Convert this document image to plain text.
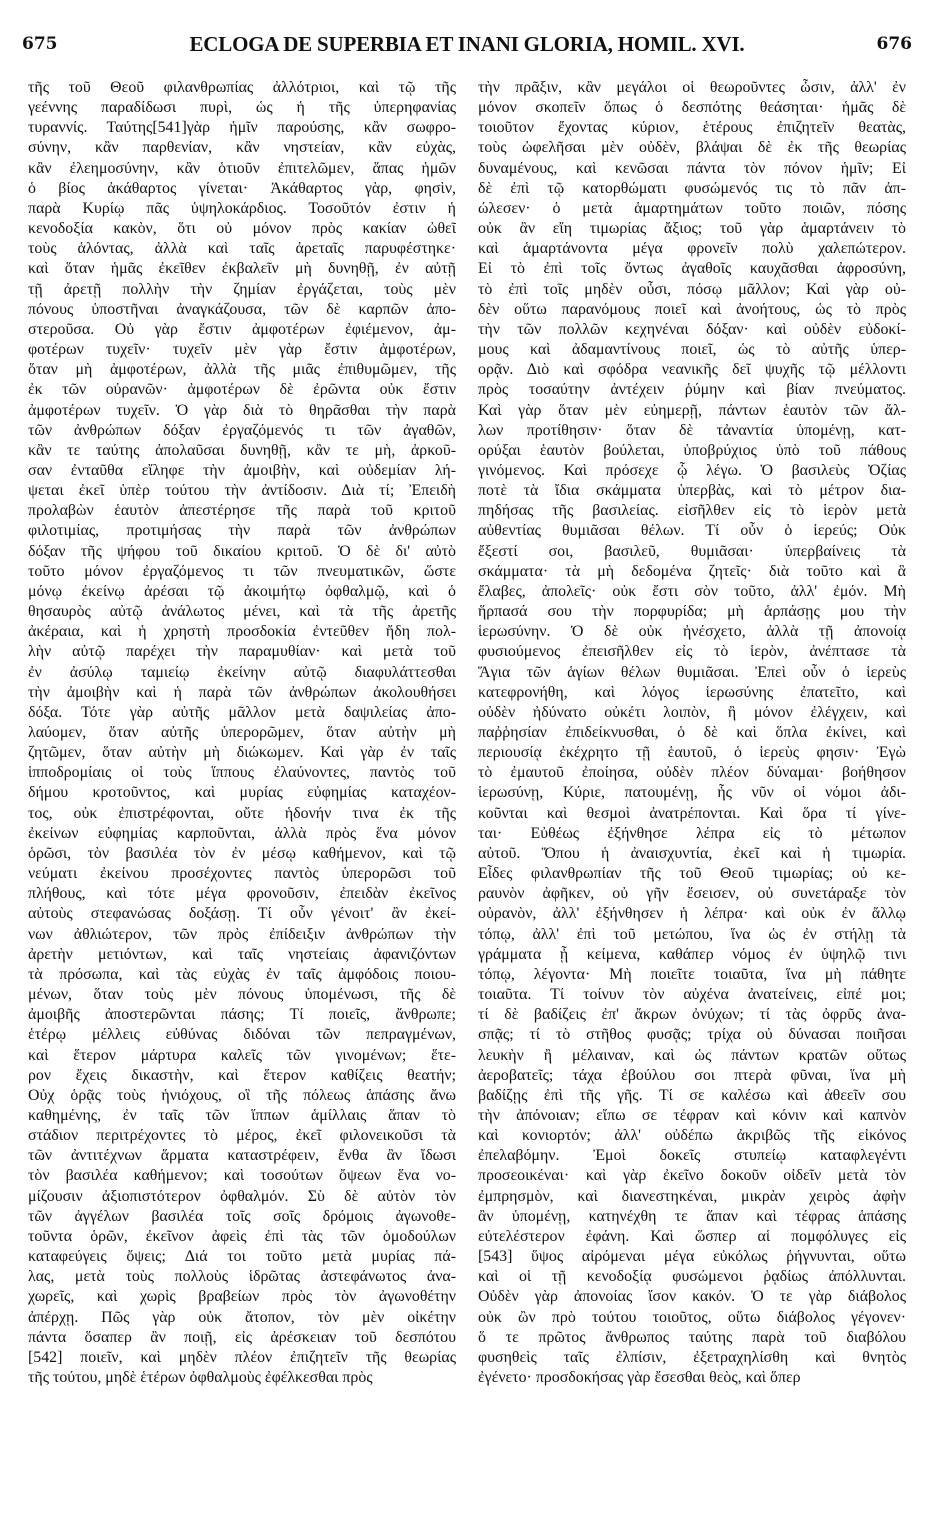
675	ECLOGA DE SUPERBIA ET INANI GLORIA, HOMIL. XVI.	676
τῆς τοῦ Θεοῦ φιλανθρωπίας ἀλλότριοι, καὶ τῷ τῆς
γεέννης παραδίδωσι πυρὶ, ὡς ἡ τῆς ὑπερηφανίας
τυραννίς. Ταύτης[541]γὰρ ἡμῖν παρούσης, κἂν σωφρο-
σύνην, κἂν παρθενίαν, κἂν νηστείαν, κἂν εὐχὰς,
κἂν ἐλεημοσύνην, κἂν ὁτιοῦν ἐπιτελῶμεν, ἅπας ἡμῶν
ὁ βίος ἀκάθαρτος γίνεται· Ἀκάθαρτος γὰρ, φησὶν,
παρὰ Κυρίῳ πᾶς ὑψηλοκάρδιος. Τοσοῦτόν ἐστιν ἡ
κενοδοξία κακὸν, ὅτι οὐ μόνον πρὸς κακίαν ὠθεῖ
τοὺς ἁλόντας, ἀλλὰ καὶ ταῖς ἀρεταῖς παρυφέστηκε·
καὶ ὅταν ἡμᾶς ἐκεῖθεν ἐκβαλεῖν μὴ δυνηθῇ, ἐν αὐτῇ
τῇ ἀρετῇ πολλὴν τὴν ζημίαν ἐργάζεται, τοὺς μὲν
πόνους ὑποστῆναι ἀναγκάζουσα, τῶν δὲ καρπῶν ἀπο-
στεροῦσα. Οὐ γὰρ ἔστιν ἀμφοτέρων ἐφιέμενον, ἀμ-
φοτέρων τυχεῖν· τυχεῖν μὲν γὰρ ἔστιν ἀμφοτέρων,
ὅταν μὴ ἀμφοτέρων, ἀλλὰ τῆς μιᾶς ἐπιθυμῶμεν, τῆς
ἐκ τῶν οὐρανῶν· ἀμφοτέρων δὲ ἐρῶντα οὐκ ἔστιν
ἀμφοτέρων τυχεῖν. Ὁ γὰρ διὰ τὸ θηρᾶσθαι τὴν παρὰ
τῶν ἀνθρώπων δόξαν ἐργαζόμενός τι τῶν ἀγαθῶν,
κἂν τε ταύτης ἀπολαῦσαι δυνηθῇ, κἂν τε μὴ, ἀρκοῦ-
σαν ἐνταῦθα εἴληφε τὴν ἀμοιβὴν, καὶ οὐδεμίαν λή-
ψεται ἐκεῖ ὑπὲρ τούτου τὴν ἀντίδοσιν. Διὰ τί; Ἐπειδὴ
προλαβὼν ἑαυτὸν ἀπεστέρησε τῆς παρὰ τοῦ κριτοῦ
φιλοτιμίας, προτιμήσας τὴν παρὰ τῶν ἀνθρώπων
δόξαν τῆς ψήφου τοῦ δικαίου κριτοῦ. Ὁ δὲ δι' αὐτὸ
τοῦτο μόνον ἐργαζόμενος τι τῶν πνευματικῶν, ὥστε
μόνῳ ἐκείνῳ ἀρέσαι τῷ ἀκοιμήτῳ ὀφθαλμῷ, καὶ ὁ
θησαυρὸς αὐτῷ ἀνάλωτος μένει, καὶ τὰ τῆς ἀρετῆς
ἀκέραια, καὶ ἡ χρηστὴ προσδοκία ἐντεῦθεν ἤδη πολ-
λὴν αὐτῷ παρέχει τὴν παραμυθίαν· καὶ μετὰ τοῦ
ἐν ἀσύλῳ ταμιείῳ ἐκείνην αὐτῷ διαφυλάττεσθαι
τὴν ἀμοιβὴν καὶ ἡ παρὰ τῶν ἀνθρώπων ἀκολουθήσει
δόξα. Τότε γὰρ αὐτῆς μᾶλλον μετὰ δαψιλείας ἀπο-
λαύομεν, ὅταν αὐτῆς ὑπερορῶμεν, ὅταν αὐτὴν μὴ
ζητῶμεν, ὅταν αὐτὴν μὴ διώκωμεν. Καὶ γὰρ ἐν ταῖς
ἱπποδρομίαις οἱ τοὺς ἵππους ἐλαύνοντες, παντὸς τοῦ
δήμου κροτοῦντος, καὶ μυρίας εὐφημίας καταχέον-
τος, οὐκ ἐπιστρέφονται, οὔτε ἡδονήν τινα ἐκ τῆς
ἐκείνων εὐφημίας καρποῦνται, ἀλλὰ πρὸς ἕνα μόνον
ὁρῶσι, τὸν βασιλέα τὸν ἐν μέσῳ καθήμενον, καὶ τῷ
νεύματι ἐκείνου προσέχοντες παντὸς ὑπερορῶσι τοῦ
πλήθους, καὶ τότε μέγα φρονοῦσιν, ἐπειδὰν ἐκεῖνος
αὐτοὺς στεφανώσας δοξάσῃ. Τί οὖν γένοιτ' ἂν ἐκεί-
νων ἀθλιώτερον, τῶν πρὸς ἐπίδειξιν ἀνθρώπων τὴν
ἀρετὴν μετιόντων, καὶ ταῖς νηστείαις ἀφανιζόντων
τὰ πρόσωπα, καὶ τὰς εὐχὰς ἐν ταῖς ἀμφόδοις ποιου-
μένων, ὅταν τοὺς μὲν πόνους ὑπομένωσι, τῆς δὲ
ἀμοιβῆς ἀποστερῶνται πάσης; Τί ποιεῖς, ἄνθρωπε;
ἑτέρῳ μέλλεις εὐθύνας διδόναι τῶν πεπραγμένων,
καὶ ἕτερον μάρτυρα καλεῖς τῶν γινομένων; ἕτε-
ρον ἔχεις δικαστὴν, καὶ ἕτερον καθίζεις θεατήν;
Οὐχ ὁρᾷς τοὺς ἡνιόχους, οἳ τῆς πόλεως ἁπάσης ἄνω
καθημένης, ἐν ταῖς τῶν ἵππων ἁμίλλαις ἅπαν τὸ
στάδιον περιτρέχοντες τὸ μέρος, ἐκεῖ φιλονεικοῦσι τὰ
τῶν ἀντιτέχνων ἅρματα καταστρέφειν, ἔνθα ἂν ἴδωσι
τὸν βασιλέα καθήμενον; καὶ τοσούτων ὄψεων ἕνα νο-
μίζουσιν ἀξιοπιστότερον ὀφθαλμόν. Σὺ δὲ αὐτὸν τὸν
τῶν ἀγγέλων βασιλέα τοῖς σοῖς δρόμοις ἀγωνοθε-
τοῦντα ὁρῶν, ἐκεῖνον ἀφεὶς ἐπὶ τὰς τῶν ὁμοδούλων
καταφεύγεις ὄψεις; Διά τοι τοῦτο μετὰ μυρίας πά-
λας, μετὰ τοὺς πολλοὺς ἱδρῶτας ἀστεφάνωτος ἀνα-
χωρεῖς, καὶ χωρὶς βραβείων πρὸς τὸν ἀγωνοθέτην
ἀπέρχῃ. Πῶς γὰρ οὐκ ἄτοπον, τὸν μὲν οἰκέτην
πάντα ὅσαπερ ἂν ποιῇ, εἰς ἀρέσκειαν τοῦ δεσπότου
[542] ποιεῖν, καὶ μηδὲν πλέον ἐπιζητεῖν τῆς θεωρίας
τῆς τούτου, μηδὲ ἑτέρων ὀφθαλμοὺς ἐφέλκεσθαι πρὸς
τὴν πρᾶξιν, κἂν μεγάλοι οἱ θεωροῦντες ὦσιν, ἀλλ' ἐν
μόνον σκοπεῖν ὅπως ὁ δεσπότης θεάσηται· ἡμᾶς δὲ
τοιοῦτον ἔχοντας κύριον, ἑτέρους ἐπιζητεῖν θεατὰς,
τοὺς ὠφελῆσαι μὲν οὐδὲν, βλάψαι δὲ ἐκ τῆς θεωρίας
δυναμένους, καὶ κενῶσαι πάντα τὸν πόνον ἡμῖν; Εἰ
δὲ ἐπὶ τῷ κατορθώματι φυσώμενός τις τὸ πᾶν ἀπ-
ώλεσεν· ὁ μετὰ ἁμαρτημάτων τοῦτο ποιῶν, πόσης
οὐκ ἂν εἴη τιμωρίας ἄξιος; τοῦ γὰρ ἁμαρτάνειν τὸ
καὶ ἁμαρτάνοντα μέγα φρονεῖν πολὺ χαλεπώτερον.
Εἰ τὸ ἐπὶ τοῖς ὄντως ἀγαθοῖς καυχᾶσθαι ἀφροσύνη,
τὸ ἐπὶ τοῖς μηδὲν οὖσι, πόσῳ μᾶλλον; Καὶ γὰρ οὐ-
δὲν οὕτω παρανόμους ποιεῖ καὶ ἀνοήτους, ὡς τὸ πρὸς
τὴν τῶν πολλῶν κεχηνέναι δόξαν· καὶ οὐδὲν εὐδοκί-
μους καὶ ἀδαμαντίνους ποιεῖ, ὡς τὸ αὐτῆς ὑπερ-
ορᾷν. Διὸ καὶ σφόδρα νεανικῆς δεῖ ψυχῆς τῷ μέλλοντι
πρὸς τοσαύτην ἀντέχειν ῥύμην καὶ βίαν πνεύματος.
Καὶ γὰρ ὅταν μὲν εὐημερῇ, πάντων ἑαυτὸν τῶν ἄλ-
λων προτίθησιν· ὅταν δὲ τἀναντία ὑπομένῃ, κατ-
ορύξαι ἑαυτὸν βούλεται, ὑποβρύχιος ὑπὸ τοῦ πάθους
γινόμενος. Καὶ πρόσεχε ᾧ λέγω. Ὁ βασιλεὺς Ὀζίας
ποτὲ τὰ ἴδια σκάμματα ὑπερβὰς, καὶ τὸ μέτρον δια-
πηδήσας τῆς βασιλείας. εἰσῆλθεν εἰς τὸ ἱερὸν μετὰ
αὐθεντίας θυμιᾶσαι θέλων. Τί οὖν ὁ ἱερεύς; Οὐκ
ἔξεστί σοι, βασιλεῦ, θυμιᾶσαι· ὑπερβαίνεις τὰ
σκάμματα· τὰ μὴ δεδομένα ζητεῖς· διὰ τοῦτο καὶ ἃ
ἔλαβες, ἀπολεῖς· οὐκ ἔστι σὸν τοῦτο, ἀλλ' ἐμόν. Μὴ
ἥρπασά σου τὴν πορφυρίδα; μὴ ἁρπάσῃς μου τὴν
ἱερωσύνην. Ὁ δὲ οὐκ ἠνέσχετο, ἀλλὰ τῇ ἀπονοίᾳ
φυσιούμενος ἐπεισῆλθεν εἰς τὸ ἱερὸν, ἀνέπτασε τὰ
Ἅγια τῶν ἁγίων θέλων θυμιᾶσαι. Ἐπεὶ οὖν ὁ ἱερεὺς
κατεφρονήθη, καὶ λόγος ἱερωσύνης ἐπατεῖτο, καὶ
οὐδὲν ἠδύνατο οὐκέτι λοιπὸν, ἢ μόνον ἐλέγχειν, καὶ
παῤῥησίαν ἐπιδείκνυσθαι, ὁ δὲ καὶ ὅπλα ἐκίνει, καὶ
περιουσίᾳ ἐκέχρητο τῇ ἑαυτοῦ, ὁ ἱερεὺς φησιν· Ἐγὼ
τὸ ἐμαυτοῦ ἐποίησα, οὐδὲν πλέον δύναμαι· βοήθησον
ἱερωσύνῃ, Κύριε, πατουμένῃ, ἧς νῦν οἱ νόμοι ἀδι-
κοῦνται καὶ θεσμοὶ ἀνατρέπονται. Καὶ ὅρα τί γίνε-
ται· Εὐθέως ἐξήνθησε λέπρα εἰς τὸ μέτωπον
αὐτοῦ. Ὅπου ἡ ἀναισχυντία, ἐκεῖ καὶ ἡ τιμωρία.
Εἶδες φιλανθρωπίαν τῆς τοῦ Θεοῦ τιμωρίας; οὐ κε-
ραυνὸν ἀφῆκεν, οὐ γῆν ἔσεισεν, οὐ συνετάραξε τὸν
οὐρανὸν, ἀλλ' ἐξήνθησεν ἡ λέπρα· καὶ οὐκ ἐν ἄλλῳ
τόπῳ, ἀλλ' ἐπὶ τοῦ μετώπου, ἵνα ὡς ἐν στήλῃ τὰ
γράμματα ᾖ κείμενα, καθάπερ νόμος ἐν ὑψηλῷ τινι
τόπῳ, λέγοντα· Μὴ ποιεῖτε τοιαῦτα, ἵνα μὴ πάθητε
τοιαῦτα. Τί τοίνυν τὸν αὐχένα ἀνατείνεις, εἰπέ μοι;
τί δὲ βαδίζεις ἐπ' ἄκρων ὀνύχων; τί τὰς ὀφρῦς ἀνα-
σπᾷς; τί τὸ στῆθος φυσᾷς; τρίχα οὐ δύνασαι ποιῆσαι
λευκὴν ἢ μέλαιναν, καὶ ὡς πάντων κρατῶν οὕτως
ἀεροβατεῖς; τάχα ἐβούλου σοι πτερὰ φῦναι, ἵνα μὴ
βαδίζῃς ἐπὶ τῆς γῆς. Τί σε καλέσω καὶ ἀθεεῖν σου
τὴν ἀπόνοιαν; εἴπω σε τέφραν καὶ κόνιν καὶ καπνὸν
καὶ κονιορτόν; ἀλλ' οὐδέπω ἀκριβῶς τῆς εἰκόνος
ἐπελαβόμην. Ἐμοὶ δοκεῖς στυπείῳ καταφλεγέντι
προσεοικέναι· καὶ γὰρ ἐκεῖνο δοκοῦν οἰδεῖν μετὰ τὸν
ἐμπρησμὸν, καὶ διανεστηκέναι, μικρὰν χειρὸς ἀφὴν
ἂν ὑπομένῃ, κατηνέχθη τε ἅπαν καὶ τέφρας ἁπάσης
εὐτελέστερον ἐφάνη. Καὶ ὥσπερ αἱ πομφόλυγες εἰς
[543] ὕψος αἰρόμεναι μέγα εὐκόλως ῥήγνυνται, οὕτω
καὶ οἱ τῇ κενοδοξίᾳ φυσώμενοι ῥᾳδίως ἀπόλλυνται.
Οὐδὲν γὰρ ἀπονοίας ἴσον κακόν. Ὁ τε γὰρ διάβολος
οὐκ ὢν πρὸ τούτου τοιοῦτος, οὕτω διάβολος γέγονεν·
ὅ τε πρῶτος ἄνθρωπος ταύτης παρὰ τοῦ διαβόλου
φυσηθεὶς ταῖς ἐλπίσιν, ἐξετραχηλίσθη καὶ θνητὸς
ἐγένετο· προσδοκήσας γὰρ ἔσεσθαι θεὸς, καὶ ὅπερ
